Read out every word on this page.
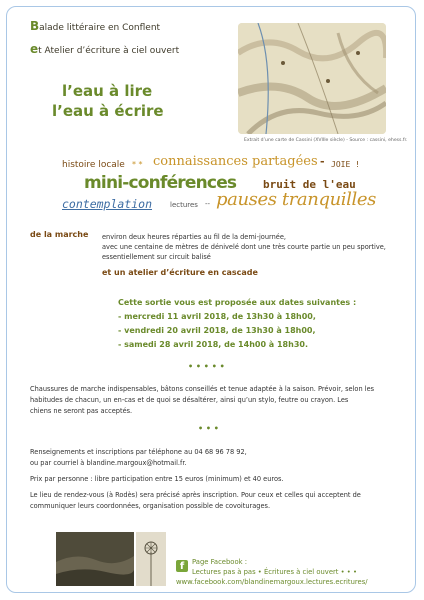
Balade littéraire en Conflent
et Atelier d’écriture à ciel ouvert
l’eau à lire
l’eau à écrire
Extrait d’une carte de Cassini (XVIIIe siècle) - Source : cassini, ehess.fr.
histoire locale * * connaissances partagées - JOIE !
mini-conférences bruit de l'eau
contemplation	lectures -- pauses tranquilles
de la marche environ deux heures réparties au fil de la demi-journée,
avec une centaine de mètres de dénivelé dont une très courte partie un peu sportive,
essentiellement sur circuit balisé
et un atelier d’écriture en cascade
Cette sortie vous est proposée aux dates suivantes :
- mercredi 11 avril 2018, de 13h30 à 18h00,
- vendredi 20 avril 2018, de 13h30 à 18h00,
- samedi 28 avril 2018, de 14h00 à 18h30.
• • • • •
Chaussures de marche indispensables, bâtons conseillés et tenue adaptée à la saison. Prévoir, selon les
habitudes de chacun, un en-cas et de quoi se désaltérer, ainsi qu’un stylo, feutre ou crayon. Les
chiens ne seront pas acceptés.
• • •
Renseignements et inscriptions par téléphone au 04 68 96 78 92,
ou par courriel à blandine.margoux@hotmail.fr.
Prix par personne : libre participation entre 15 euros (minimum) et 40 euros.
Le lieu de rendez-vous (à Rodès) sera précisé après inscription. Pour ceux et celles qui acceptent de
communiquer leurs coordonnées, organisation possible de covoiturages.
f	Page Facebook :
Lectures pas à pas • Écritures à ciel ouvert • • •
www.facebook.com/blandinemargoux.lectures.ecritures/
